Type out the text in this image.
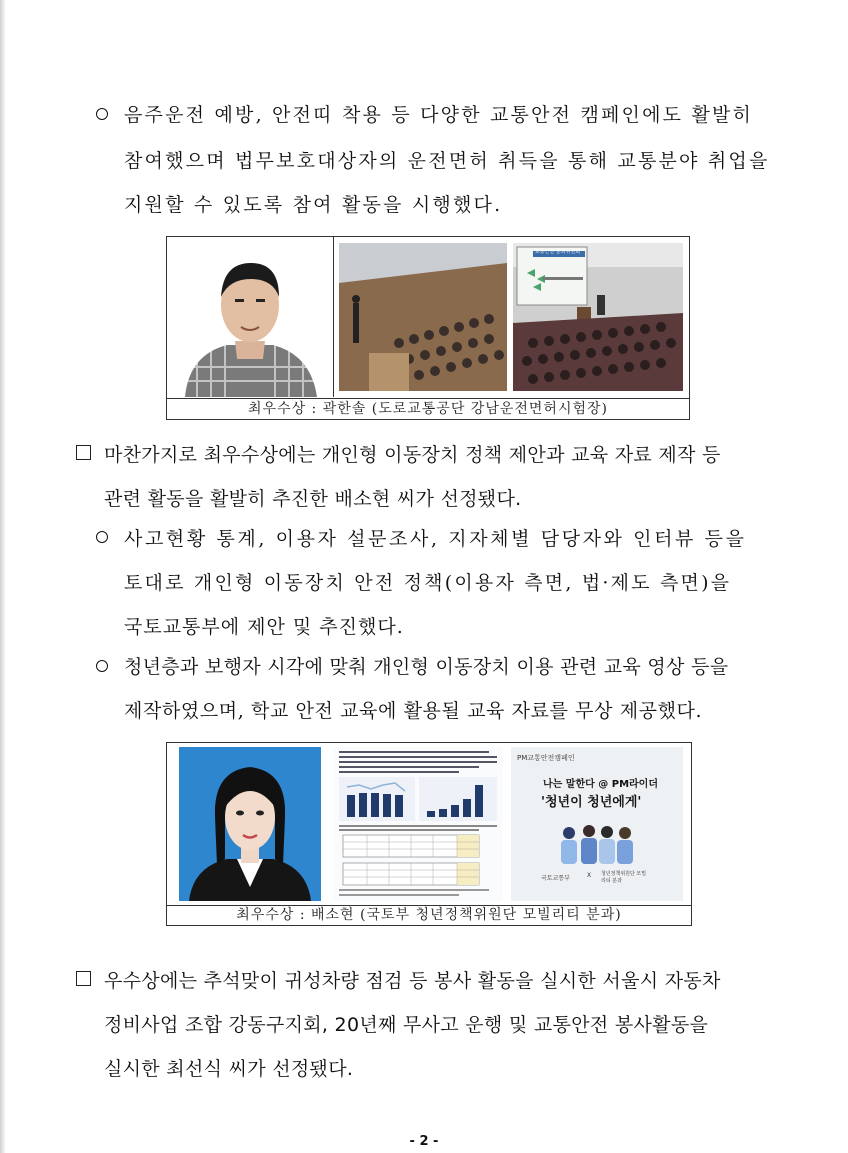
음주운전 예방, 안전띠 착용 등 다양한 교통안전 캠페인에도 활발히
참여했으며 법무보호대상자의 운전면허 취득을 통해 교통분야 취업을
지원할 수 있도록 참여 활동을 시행했다.
교통안전 분과위원회
최우수상 : 곽한솔 (도로교통공단 강남운전면허시험장)
마찬가지로 최우수상에는 개인형 이동장치 정책 제안과 교육 자료 제작 등
관련 활동을 활발히 추진한 배소현 씨가 선정됐다.
사고현황 통계, 이용자 설문조사, 지자체별 담당자와 인터뷰 등을
토대로 개인형 이동장치 안전 정책(이용자 측면, 법·제도 측면)을
국토교통부에 제안 및 추진했다.
청년층과 보행자 시각에 맞춰 개인형 이동장치 이용 관련 교육 영상 등을
제작하였으며, 학교 안전 교육에 활용될 교육 자료를 무상 제공했다.
PM교통안전캠페인
나는 말한다 @ PM라이더
'청년이 청년에게'
국토교통부	X 청년정책위원단 모빌리티 분과
최우수상 : 배소현 (국토부 청년정책위원단 모빌리티 분과)
우수상에는 추석맞이 귀성차량 점검 등 봉사 활동을 실시한 서울시 자동차
정비사업 조합 강동구지회, 20년째 무사고 운행 및 교통안전 봉사활동을
실시한 최선식 씨가 선정됐다.
- 2 -
